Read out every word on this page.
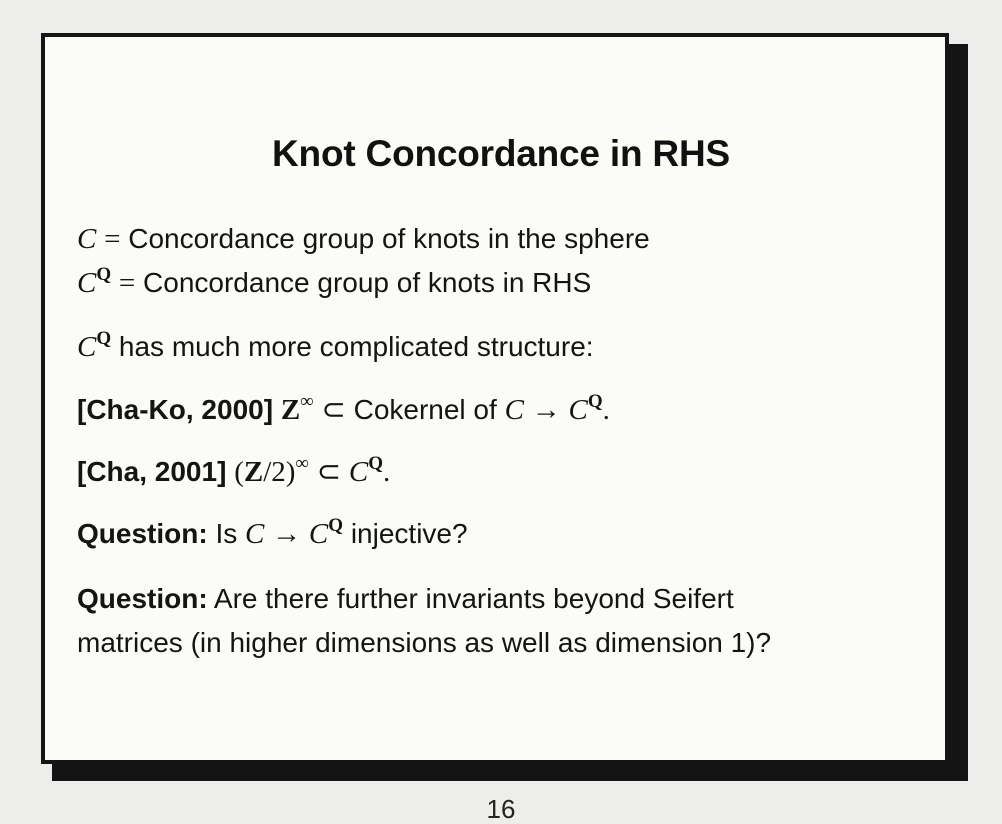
Knot Concordance in RHS
C = Concordance group of knots in the sphere
$C^Q$ = Concordance group of knots in RHS
$C^Q$ has much more complicated structure:
[Cha-Ko, 2000] Z∞ ⊂ Cokernel of $C \to C^Q$.
[Cha, 2001] (Z/2)∞ ⊂ $C^Q$.
Question: Is $C \to C^Q$ injective?
Question: Are there further invariants beyond Seifert
matrices (in higher dimensions as well as dimension 1)?
16
